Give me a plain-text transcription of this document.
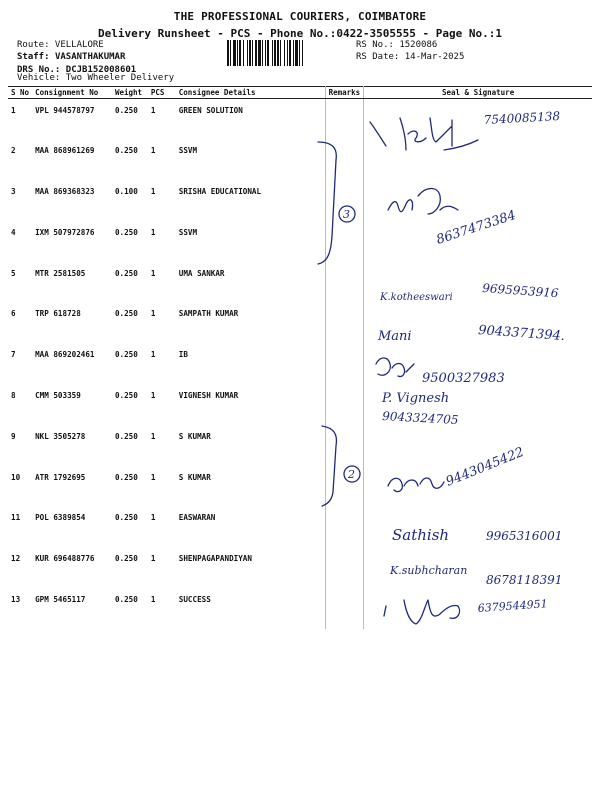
THE PROFESSIONAL COURIERS, COIMBATORE
Delivery Runsheet - PCS - Phone No.:0422-3505555 - Page No.:1
Route: VELLALORE
Staff: VASANTHAKUMAR
DRS No.: DCJB152008601
Vehicle: Two Wheeler Delivery
RS No.: 1520086
RS Date: 14-Mar-2025
S No	Consignment No	Weight	PCS	Consignee Details	Remarks	Seal & Signature
1	VPL 944578797	0.250	1	GREEN SOLUTION		
2	MAA 868961269	0.250	1	SSVM		
3	MAA 869368323	0.100	1	SRISHA EDUCATIONAL		
4	IXM 507972876	0.250	1	SSVM		
5	MTR 2581505	0.250	1	UMA SANKAR		
6	TRP 618728	0.250	1	SAMPATH KUMAR		
7	MAA 869202461	0.250	1	IB		
8	CMM 503359	0.250	1	VIGNESH KUMAR		
9	NKL 3505278	0.250	1	S KUMAR		
10	ATR 1792695	0.250	1	S KUMAR		
11	POL 6389854	0.250	1	EASWARAN		
12	KUR 696488776	0.250	1	SHENPAGAPANDIYAN		
13	GPM 5465117	0.250	1	SUCCESS		
3
2
7540085138
8637473384
K.kotheeswari 9695953916
Mani	9043371394.
9500327983
P. Vignesh
9043324705
9443045422
Sathish	9965316001
K.subhcharan
8678118391
6379544951
